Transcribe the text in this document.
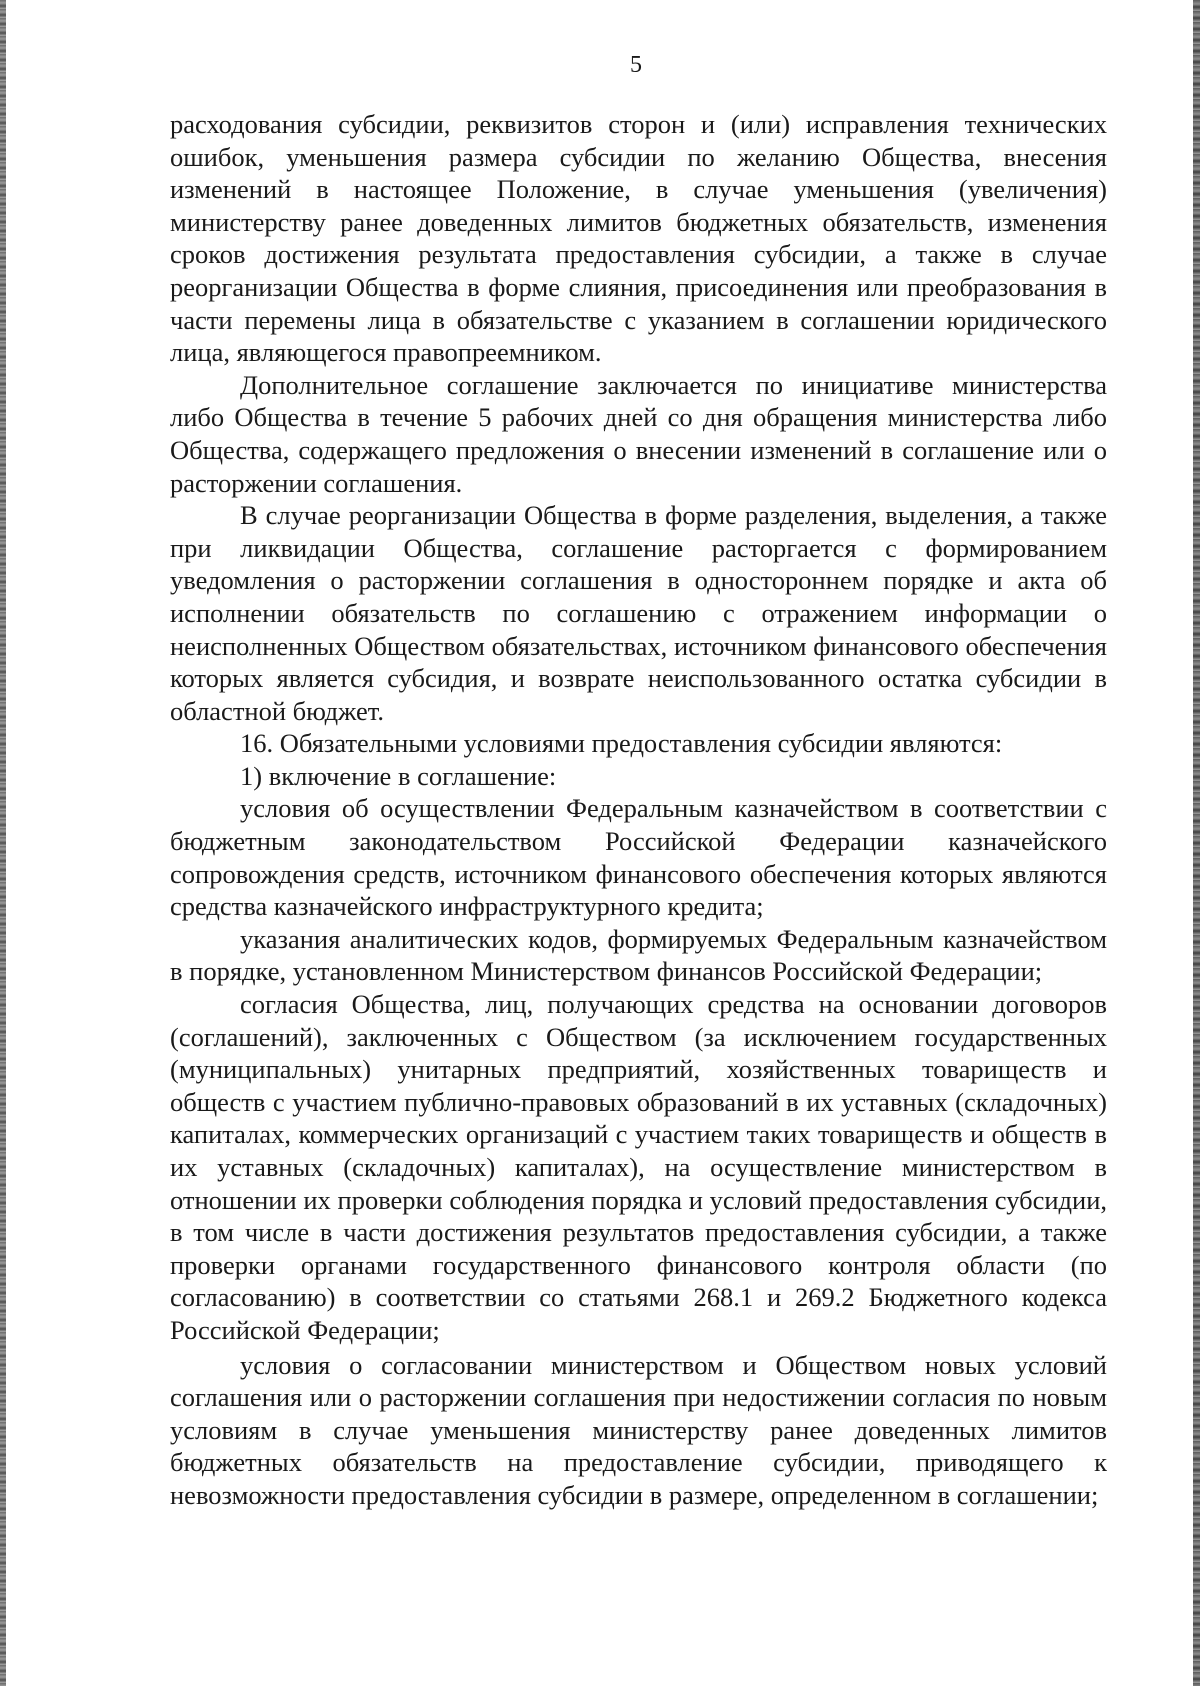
5

расходования субсидии, реквизитов сторон и (или) исправления технических ошибок, уменьшения размера субсидии по желанию Общества, внесения изменений в настоящее Положение, в случае уменьшения (увеличения) министерству ранее доведенных лимитов бюджетных обязательств, изменения сроков достижения результата предоставления субсидии, а также в случае реорганизации Общества в форме слияния, присоединения или преобразования в части перемены лица в обязательстве с указанием в соглашении юридического лица, являющегося правопреемником.

Дополнительное соглашение заключается по инициативе министерства либо Общества в течение 5 рабочих дней со дня обращения министерства либо Общества, содержащего предложения о внесении изменений в соглашение или о расторжении соглашения.

В случае реорганизации Общества в форме разделения, выделения, а также при ликвидации Общества, соглашение расторгается с формированием уведомления о расторжении соглашения в одностороннем порядке и акта об исполнении обязательств по соглашению с отражением информации о неисполненных Обществом обязательствах, источником финансового обеспечения которых является субсидия, и возврате неиспользованного остатка субсидии в областной бюджет.

16. Обязательными условиями предоставления субсидии являются:

1) включение в соглашение:

условия об осуществлении Федеральным казначейством в соответствии с бюджетным законодательством Российской Федерации казначейского сопровождения средств, источником финансового обеспечения которых являются средства казначейского инфраструктурного кредита;

указания аналитических кодов, формируемых Федеральным казначейством в порядке, установленном Министерством финансов Российской Федерации;

согласия Общества, лиц, получающих средства на основании договоров (соглашений), заключенных с Обществом (за исключением государственных (муниципальных) унитарных предприятий, хозяйственных товариществ и обществ с участием публично-правовых образований в их уставных (складочных) капиталах, коммерческих организаций с участием таких товариществ и обществ в их уставных (складочных) капиталах), на осуществление министерством в отношении их проверки соблюдения порядка и условий предоставления субсидии, в том числе в части достижения результатов предоставления субсидии, а также проверки органами государственного финансового контроля области (по согласованию) в соответствии со статьями 268.1 и 269.2 Бюджетного кодекса Российской Федерации;

условия о согласовании министерством и Обществом новых условий соглашения или о расторжении соглашения при недостижении согласия по новым условиям в случае уменьшения министерству ранее доведенных лимитов бюджетных обязательств на предоставление субсидии, приводящего к невозможности предоставления субсидии в размере, определенном в соглашении;
